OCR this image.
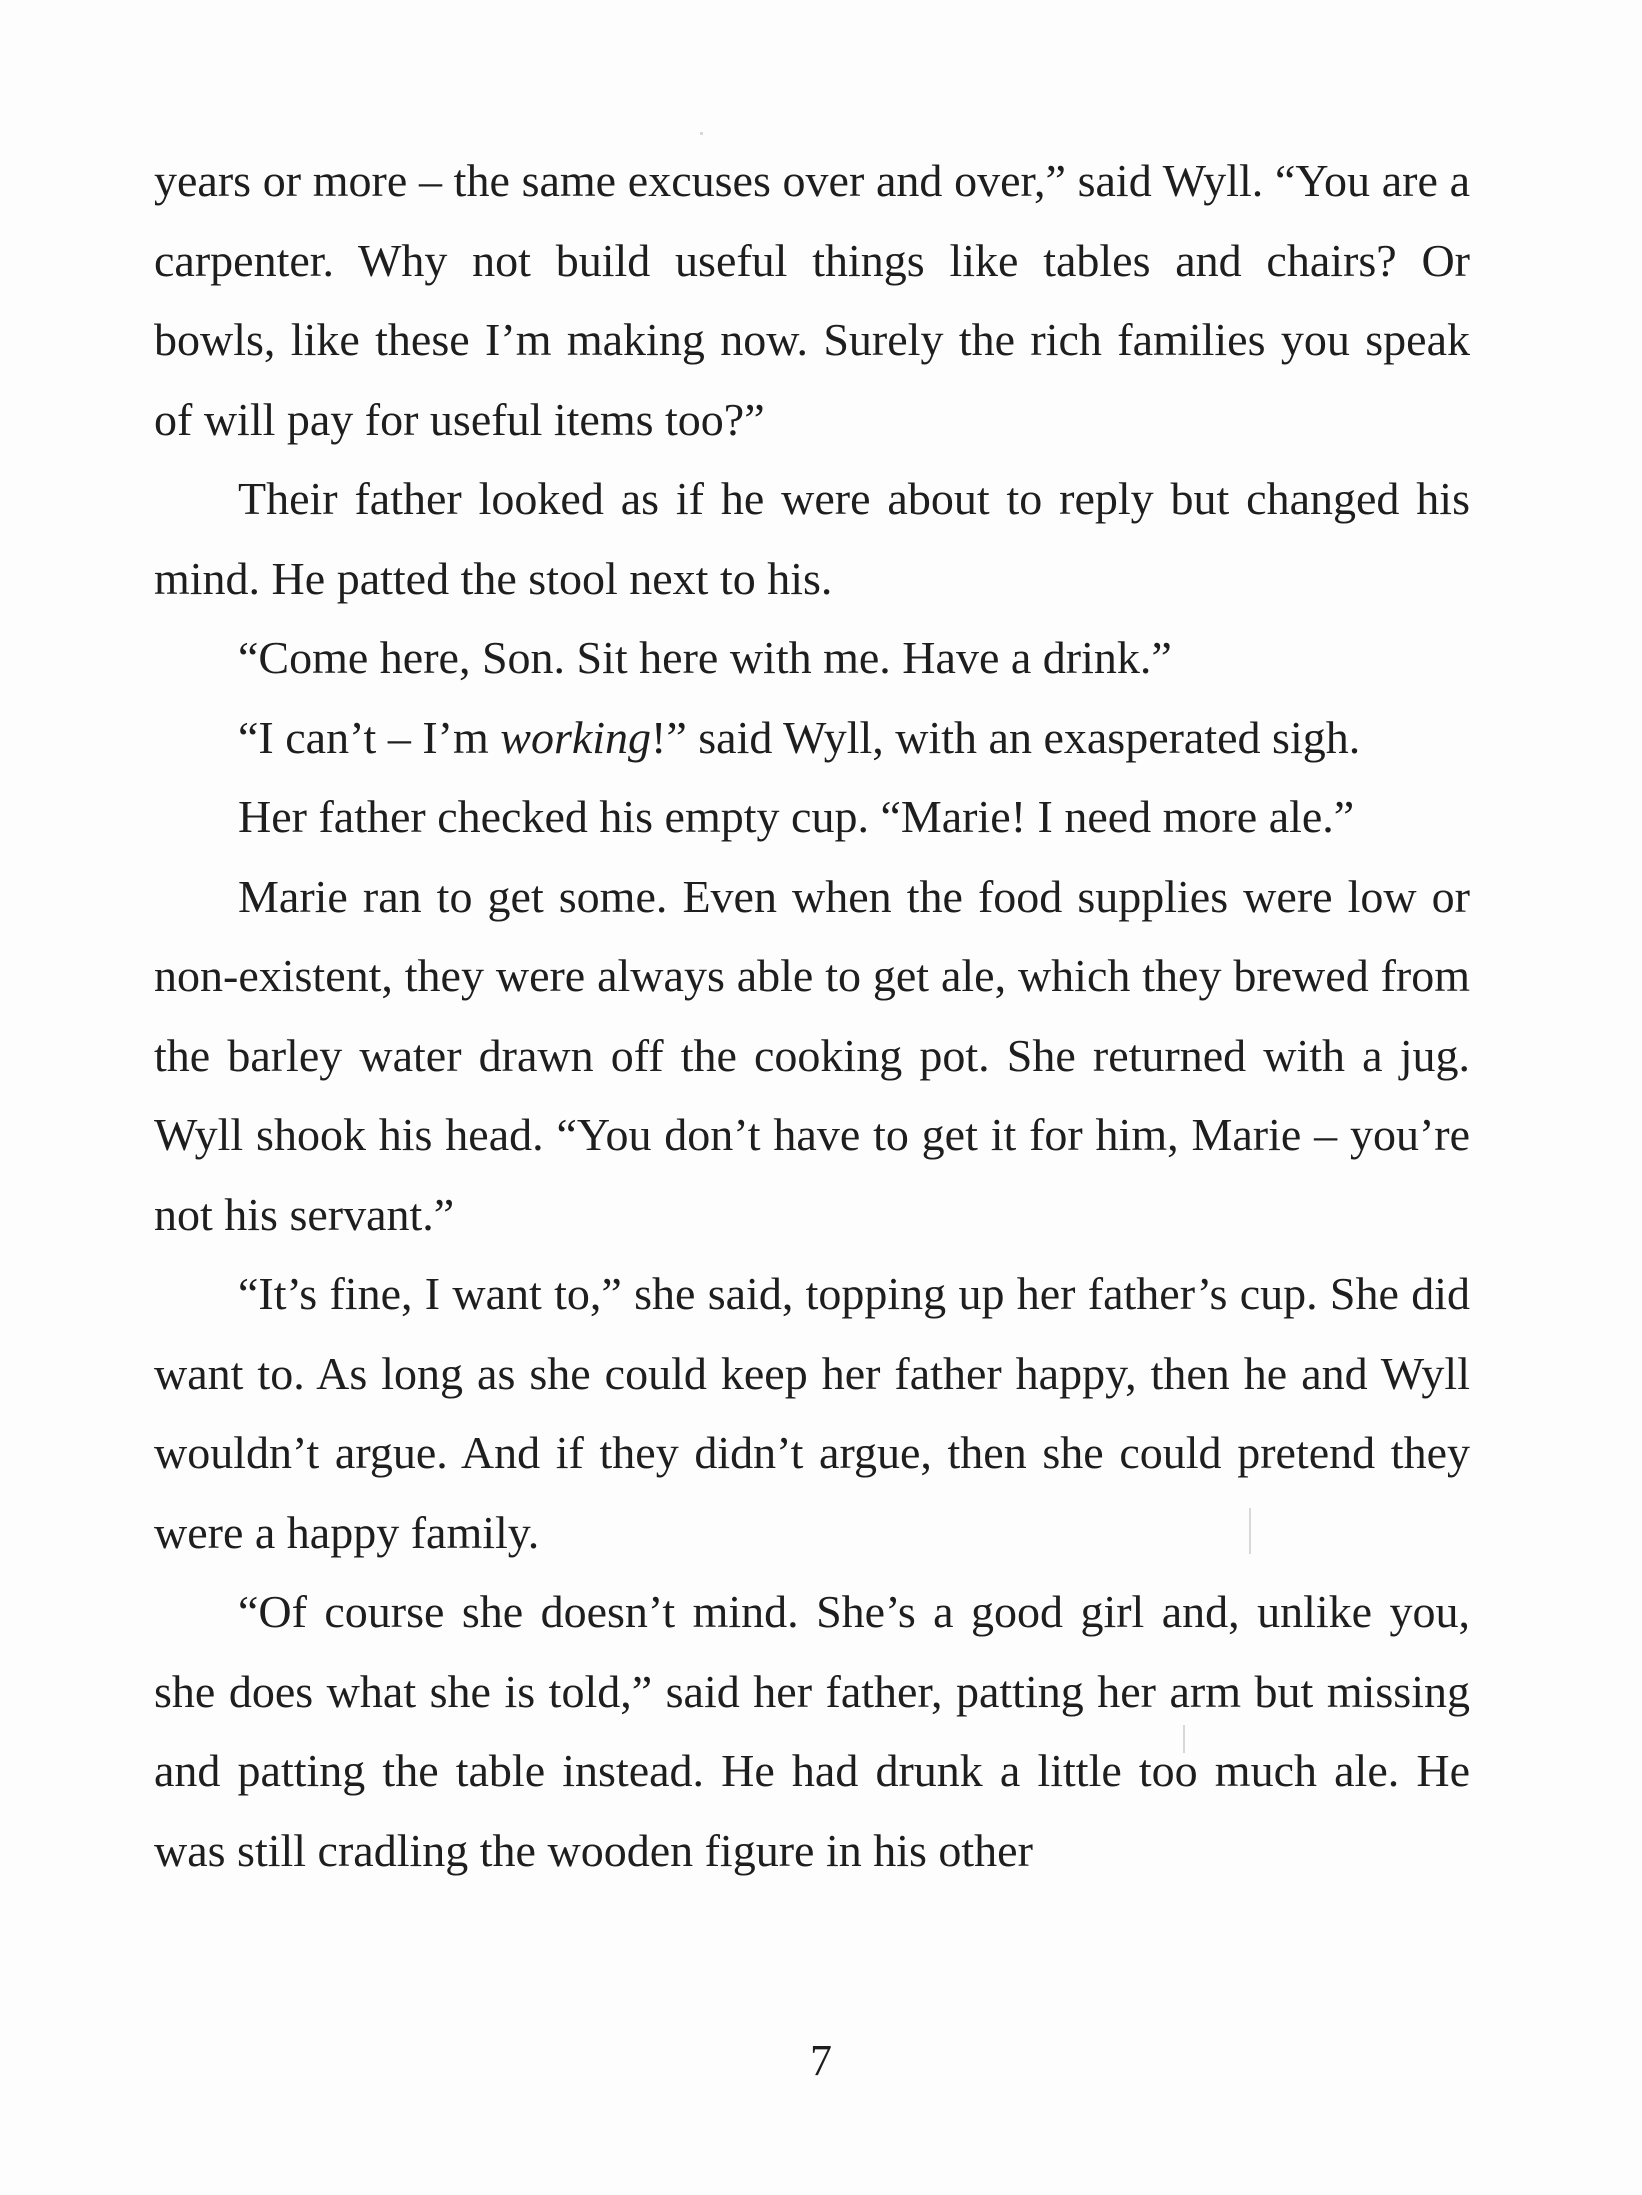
years or more – the same excuses over and over,” said Wyll. “You are a carpenter. Why not build useful things like tables and chairs? Or bowls, like these I’m making now. Surely the rich families you speak of will pay for useful items too?”

Their father looked as if he were about to reply but changed his mind. He patted the stool next to his.

“Come here, Son. Sit here with me. Have a drink.”

“I can’t – I’m working!” said Wyll, with an exasperated sigh.

Her father checked his empty cup. “Marie! I need more ale.”

Marie ran to get some. Even when the food supplies were low or non-existent, they were always able to get ale, which they brewed from the barley water drawn off the cooking pot. She returned with a jug. Wyll shook his head. “You don’t have to get it for him, Marie – you’re not his servant.”

“It’s fine, I want to,” she said, topping up her father’s cup. She did want to. As long as she could keep her father happy, then he and Wyll wouldn’t argue. And if they didn’t argue, then she could pretend they were a happy family.

“Of course she doesn’t mind. She’s a good girl and, unlike you, she does what she is told,” said her father, patting her arm but missing and patting the table instead. He had drunk a little too much ale. He was still cradling the wooden figure in his other

7
